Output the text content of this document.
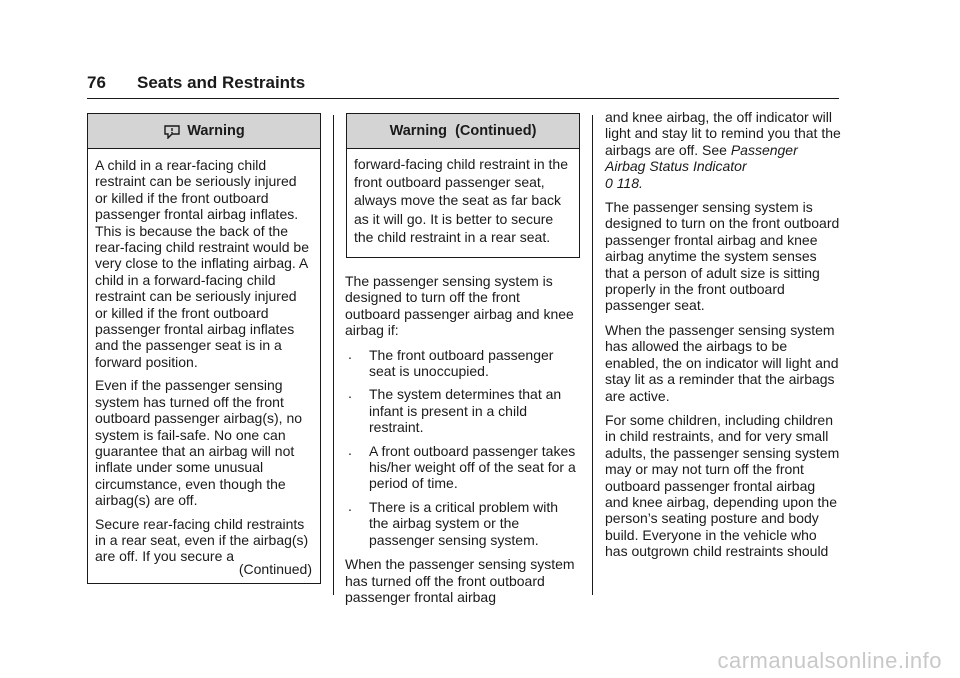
76 Seats and Restraints
Warning

A child in a rear-facing child restraint can be seriously injured or killed if the front outboard passenger frontal airbag inflates. This is because the back of the rear-facing child restraint would be very close to the inflating airbag. A child in a forward-facing child restraint can be seriously injured or killed if the front outboard passenger frontal airbag inflates and the passenger seat is in a forward position.

Even if the passenger sensing system has turned off the front outboard passenger airbag(s), no system is fail-safe. No one can guarantee that an airbag will not inflate under some unusual circumstance, even though the airbag(s) are off.

Secure rear-facing child restraints in a rear seat, even if the airbag(s) are off. If you secure a

(Continued)
Warning  (Continued)

forward-facing child restraint in the front outboard passenger seat, always move the seat as far back as it will go. It is better to secure the child restraint in a rear seat.

The passenger sensing system is designed to turn off the front outboard passenger airbag and knee airbag if:

. The front outboard passenger seat is unoccupied.
. The system determines that an infant is present in a child restraint.
. A front outboard passenger takes his/her weight off of the seat for a period of time.
. There is a critical problem with the airbag system or the passenger sensing system.

When the passenger sensing system has turned off the front outboard passenger frontal airbag

and knee airbag, the off indicator will light and stay lit to remind you that the airbags are off. See Passenger Airbag Status Indicator
0 118.

The passenger sensing system is designed to turn on the front outboard passenger frontal airbag and knee airbag anytime the system senses that a person of adult size is sitting properly in the front outboard passenger seat.

When the passenger sensing system has allowed the airbags to be enabled, the on indicator will light and stay lit as a reminder that the airbags are active.

For some children, including children in child restraints, and for very small adults, the passenger sensing system may or may not turn off the front outboard passenger frontal airbag and knee airbag, depending upon the person’s seating posture and body build. Everyone in the vehicle who has outgrown child restraints should

carmanualsonline.info
